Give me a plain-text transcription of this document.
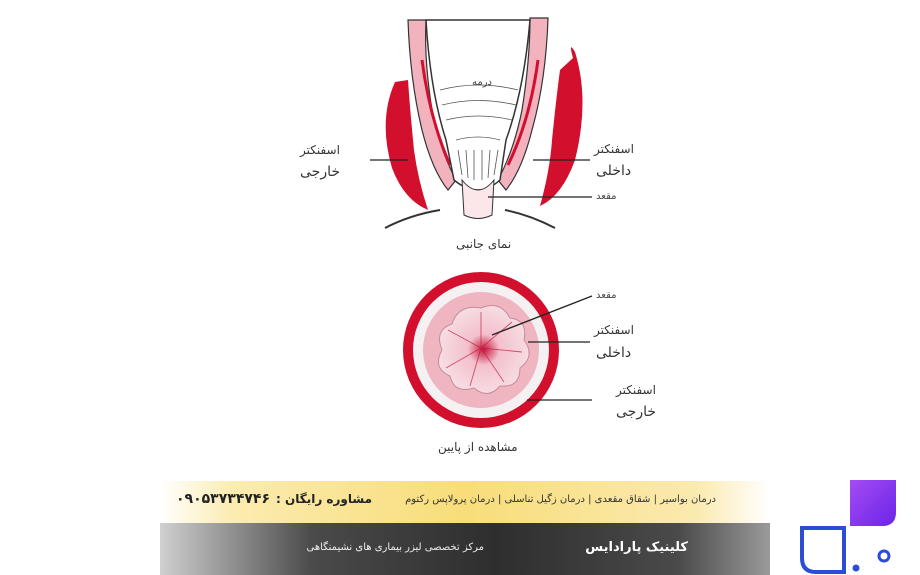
درمه
اسفنکتر
خارجی
اسفنکتر
داخلی
مقعد
نمای جانبی
مقعد
اسفنکتر
داخلی
اسفنکتر
خارجی
مشاهده از پایین
۰۹۰۵۳۷۳۴۷۴۶ مشاوره رایگان :	درمان بواسیر | شقاق مقعدی | درمان زگیل تناسلی | درمان پرولاپس رکتوم
کلینیک پارادایس
مرکز تخصصی لیزر بیماری های نشیمنگاهی
